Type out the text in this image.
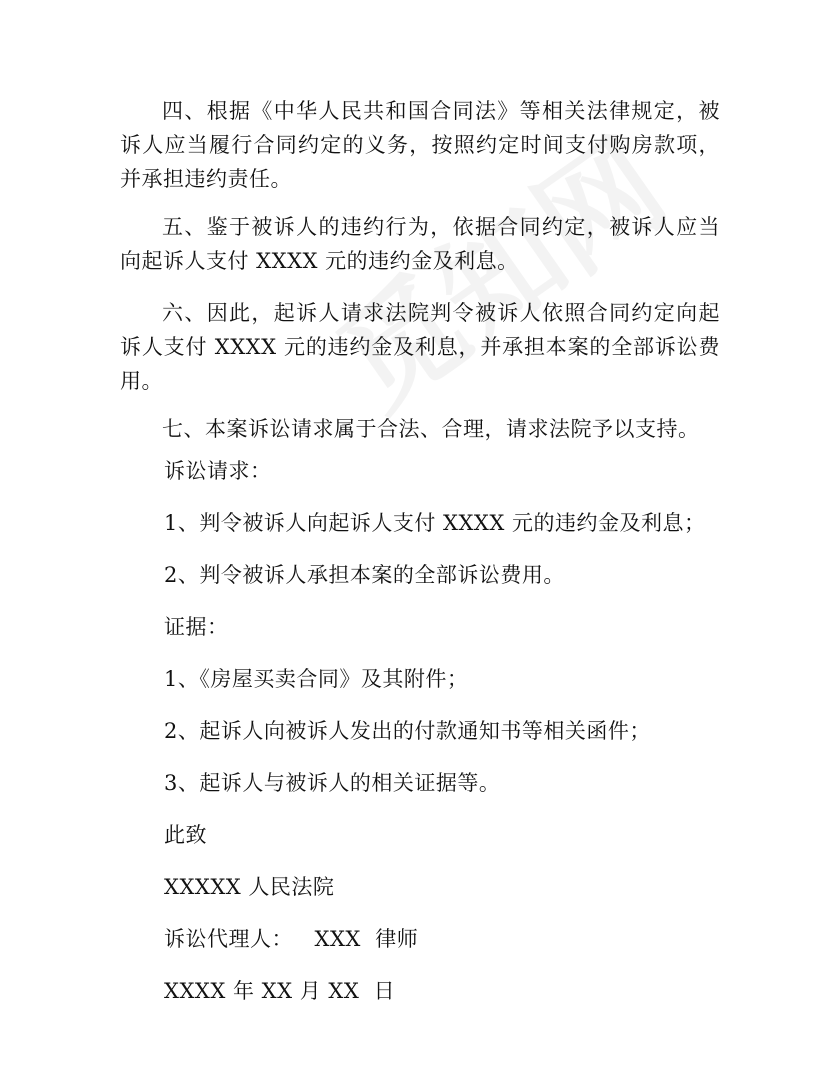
四、根据《中华人民共和国合同法》等相关法律规定，被诉人应当履行合同约定的义务，按照约定时间支付购房款项，并承担违约责任。

五、鉴于被诉人的违约行为，依据合同约定，被诉人应当向起诉人支付 XXXX 元的违约金及利息。

六、因此，起诉人请求法院判令被诉人依照合同约定向起诉人支付 XXXX 元的违约金及利息，并承担本案的全部诉讼费用。

七、本案诉讼请求属于合法、合理，请求法院予以支持。

诉讼请求：

1、判令被诉人向起诉人支付 XXXX 元的违约金及利息；

2、判令被诉人承担本案的全部诉讼费用。

证据：

1、《房屋买卖合同》及其附件；

2、起诉人向被诉人发出的付款通知书等相关函件；

3、起诉人与被诉人的相关证据等。

此致

XXXXX 人民法院

诉讼代理人：   XXX  律师

XXXX 年 XX 月 XX  日
